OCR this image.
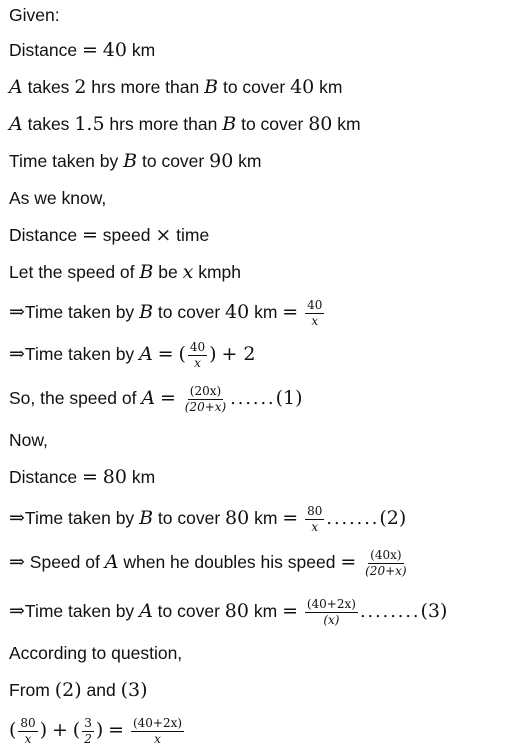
Given:
Distance = 40 km
A takes 2 hrs more than B to cover 40 km
A takes 1.5 hrs more than B to cover 80 km
Time taken by B to cover 90 km
As we know,
Distance = speed × time
Let the speed of B be x kmph
⇒Time taken by B to cover 40 km = $\frac{40}{x}$
⇒Time taken by A = ( $\frac{40}{x}$ ) + 2
So, the speed of $A = \frac{(20x)}{(20+x)} ......(1)$
Now,
Distance = 80 km
⇒Time taken by B to cover 80 km = $\frac{80}{x} .......(2)$
⇒ Speed of A when he doubles his speed = $\frac{(40x)}{(20+x)}$
⇒Time taken by A to cover 80 km = $\frac{(40+2x)}{(x)} ........(3)$
According to question,
From (2) and (3)
( $\frac{80}{x}$ ) + ( $\frac{3}{2}$ ) = $\frac{(40+2x)}{x}$
